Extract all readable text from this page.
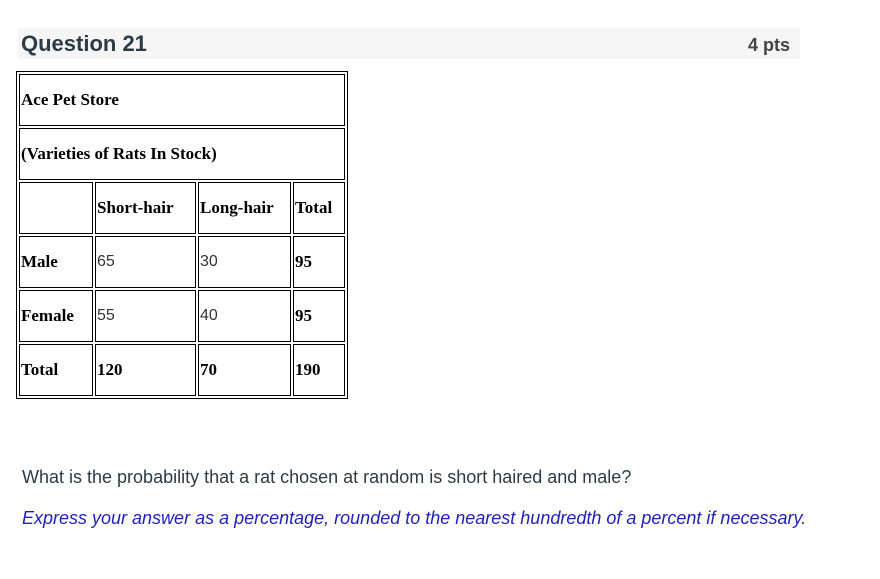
Question 21	4 pts
Ace Pet Store			
(Varieties of Rats In Stock)			
	Short-hair	Long-hair	Total
Male	65	30	95
Female	55	40	95
Total	120	70	190
What is the probability that a rat chosen at random is short haired and male?
Express your answer as a percentage, rounded to the nearest hundredth of a percent if necessary.
